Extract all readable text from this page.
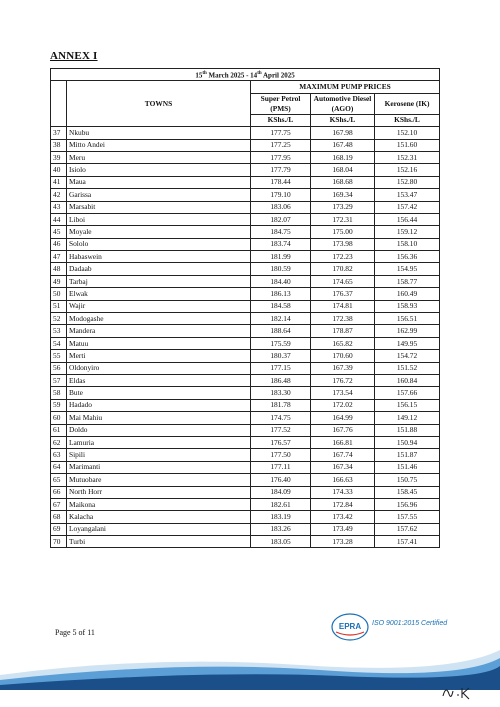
ANNEX I
15th March 2025 - 14th April 2025				
	TOWNS	MAXIMUM PUMP PRICES		
		Super Petrol (PMS)	Automotive Diesel (AGO)	Kerosene (IK)
		KShs./L	KShs./L	KShs./L
37	Nkubu	177.75	167.98	152.10
38	Mitto Andei	177.25	167.48	151.60
39	Meru	177.95	168.19	152.31
40	Isiolo	177.79	168.04	152.16
41	Maua	178.44	168.68	152.80
42	Garissa	179.10	169.34	153.47
43	Marsabit	183.06	173.29	157.42
44	Liboi	182.07	172.31	156.44
45	Moyale	184.75	175.00	159.12
46	Sololo	183.74	173.98	158.10
47	Habaswein	181.99	172.23	156.36
48	Dadaab	180.59	170.82	154.95
49	Tarbaj	184.40	174.65	158.77
50	Elwak	186.13	176.37	160.49
51	Wajir	184.58	174.81	158.93
52	Modogashe	182.14	172.38	156.51
53	Mandera	188.64	178.87	162.99
54	Matuu	175.59	165.82	149.95
55	Merti	180.37	170.60	154.72
56	Oldonyiro	177.15	167.39	151.52
57	Eldas	186.48	176.72	160.84
58	Bute	183.30	173.54	157.66
59	Hadado	181.78	172.02	156.15
60	Mai Mahiu	174.75	164.99	149.12
61	Doldo	177.52	167.76	151.88
62	Lamuria	176.57	166.81	150.94
63	Sipili	177.50	167.74	151.87
64	Marimanti	177.11	167.34	151.46
65	Mutuobare	176.40	166.63	150.75
66	North Horr	184.09	174.33	158.45
67	Maikona	182.61	172.84	156.96
68	Kalacha	183.19	173.42	157.55
69	Loyangalani	183.26	173.49	157.62
70	Turbi	183.05	173.28	157.41
Page 5 of 11
EPRA ISO 9001:2015 Certified
